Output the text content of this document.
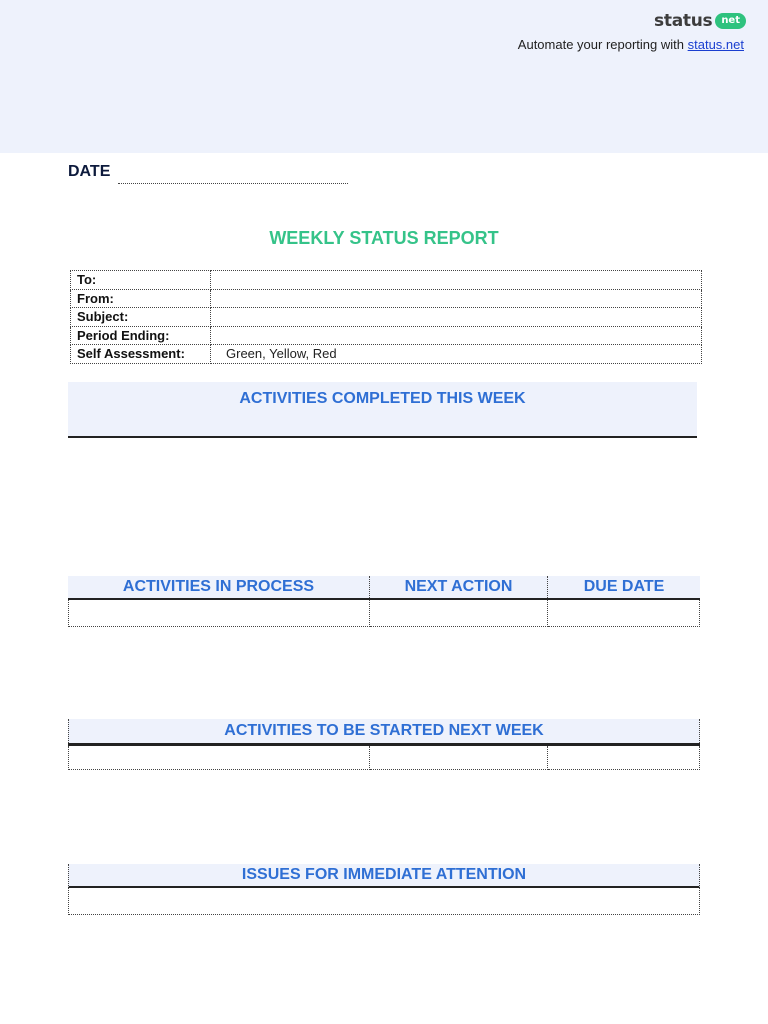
status net
Automate your reporting with status.net
DATE
WEEKLY STATUS REPORT
To:	
From:	
Subject:	
Period Ending:	
Self Assessment:	Green, Yellow, Red
ACTIVITIES COMPLETED THIS WEEK
ACTIVITIES IN PROCESS	NEXT ACTION	DUE DATE
ACTIVITIES TO BE STARTED NEXT WEEK
ISSUES FOR IMMEDIATE ATTENTION
